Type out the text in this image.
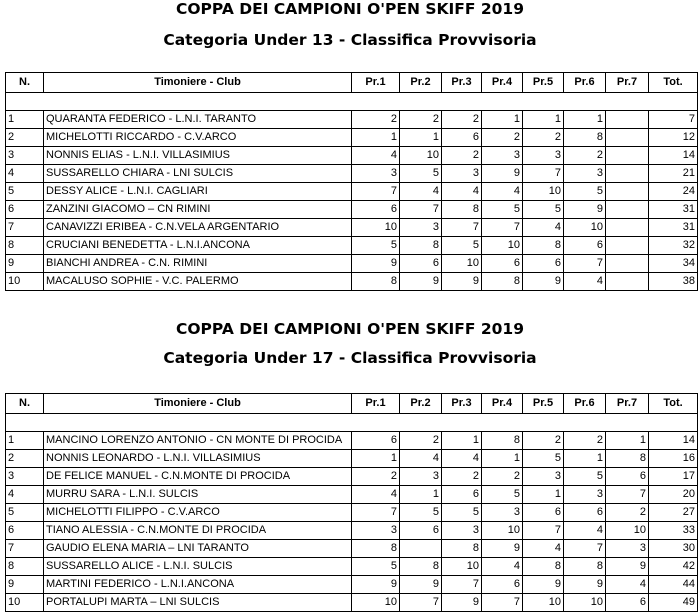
COPPA DEI CAMPIONI O'PEN SKIFF 2019
Categoria Under 13 - Classifica Provvisoria
N.	Timoniere - Club	Pr.1	Pr.2	Pr.3	Pr.4	Pr.5	Pr.6	Pr.7	Tot.

1	QUARANTA FEDERICO - L.N.I. TARANTO	2	2	2	1	1	1		7
2	MICHELOTTI RICCARDO - C.V.ARCO	1	1	6	2	2	8		12
3	NONNIS ELIAS - L.N.I. VILLASIMIUS	4	10	2	3	3	2		14
4	SUSSARELLO CHIARA - LNI SULCIS	3	5	3	9	7	3		21
5	DESSY ALICE - L.N.I. CAGLIARI	7	4	4	4	10	5		24
6	ZANZINI GIACOMO – CN RIMINI	6	7	8	5	5	9		31
7	CANAVIZZI ERIBEA - C.N.VELA ARGENTARIO	10	3	7	7	4	10		31
8	CRUCIANI BENEDETTA - L.N.I.ANCONA	5	8	5	10	8	6		32
9	BIANCHI ANDREA - C.N. RIMINI	9	6	10	6	6	7		34
10	MACALUSO SOPHIE - V.C. PALERMO	8	9	9	8	9	4		38
COPPA DEI CAMPIONI O'PEN SKIFF 2019
Categoria Under 17 - Classifica Provvisoria
N.	Timoniere - Club	Pr.1	Pr.2	Pr.3	Pr.4	Pr.5	Pr.6	Pr.7	Tot.

1	MANCINO LORENZO ANTONIO - CN MONTE DI PROCIDA	6	2	1	8	2	2	1	14
2	NONNIS LEONARDO - L.N.I. VILLASIMIUS	1	4	4	1	5	1	8	16
3	DE FELICE MANUEL - C.N.MONTE DI PROCIDA	2	3	2	2	3	5	6	17
4	MURRU SARA - L.N.I. SULCIS	4	1	6	5	1	3	7	20
5	MICHELOTTI FILIPPO - C.V.ARCO	7	5	5	3	6	6	2	27
6	TIANO ALESSIA - C.N.MONTE DI PROCIDA	3	6	3	10	7	4	10	33
7	GAUDIO ELENA MARIA – LNI TARANTO	8		8	9	4	7	3	30
8	SUSSARELLO ALICE - L.N.I. SULCIS	5	8	10	4	8	8	9	42
9	MARTINI FEDERICO - L.N.I.ANCONA	9	9	7	6	9	9	4	44
10	PORTALUPI MARTA – LNI SULCIS	10	7	9	7	10	10	6	49
